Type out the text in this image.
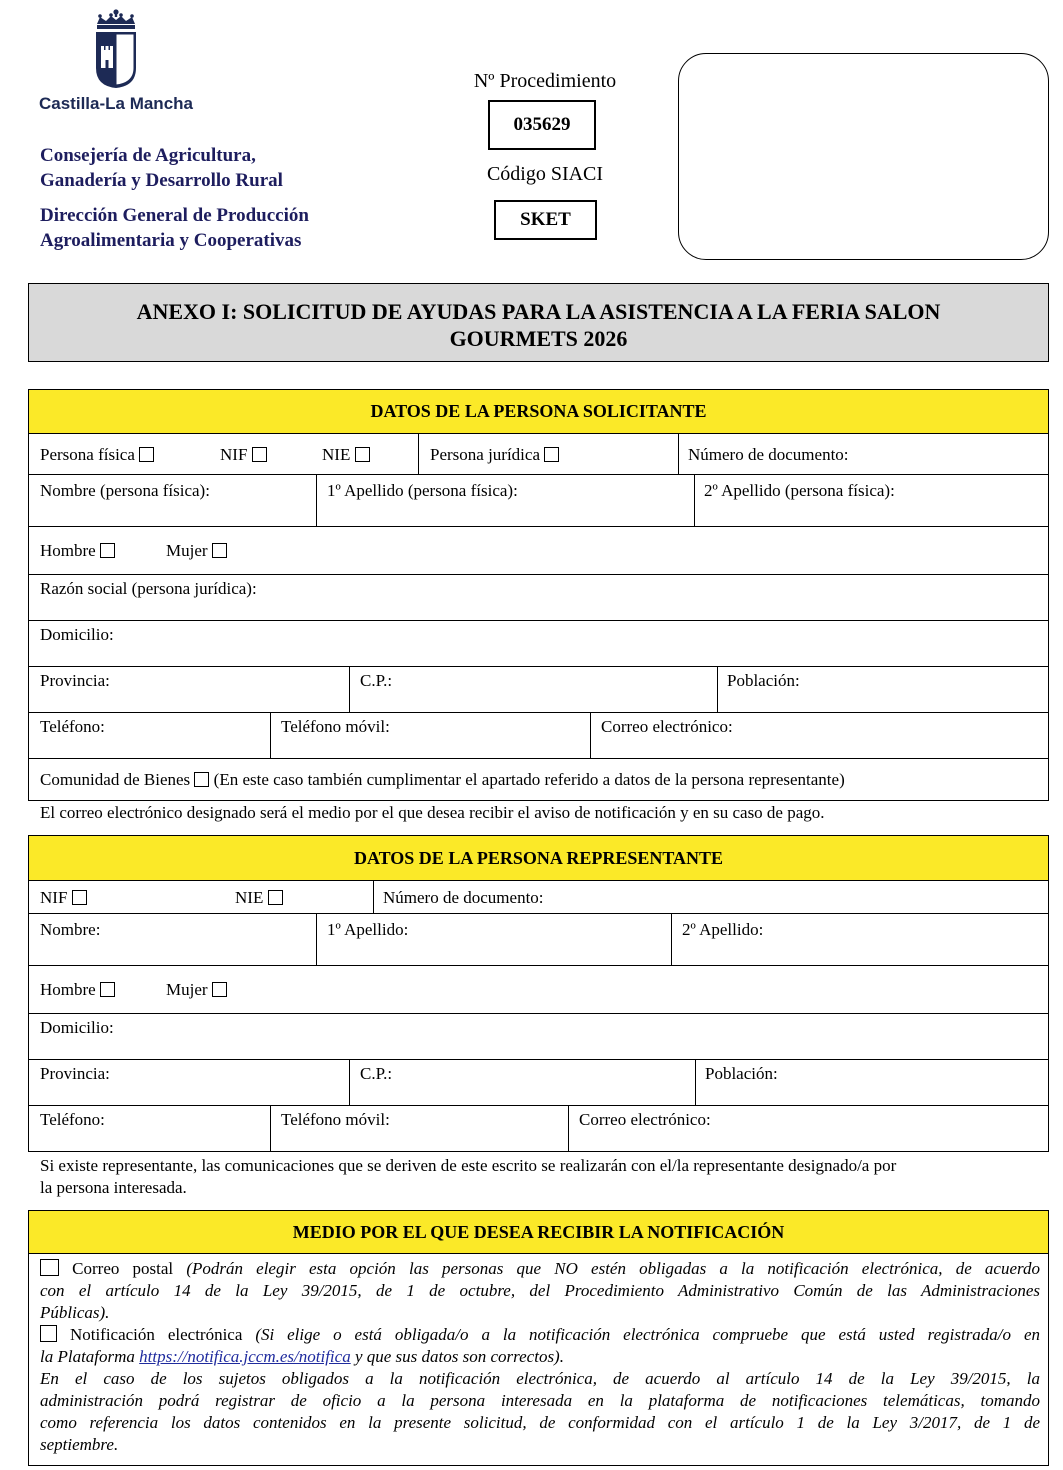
Castilla-La Mancha
Consejería de Agricultura,
Ganadería y Desarrollo Rural
Dirección General de Producción
Agroalimentaria y Cooperativas
Nº Procedimiento
035629
Código SIACI
SKET
ANEXO I: SOLICITUD DE AYUDAS PARA LA ASISTENCIA A LA FERIA SALON
GOURMETS 2026
DATOS DE LA PERSONA SOLICITANTE
Persona física	NIF	NIE	Persona jurídica	Número de documento:
Nombre (persona física):	1º Apellido (persona física):	2º Apellido (persona física):
Hombre	Mujer
Razón social (persona jurídica):
Domicilio:
Provincia:	C.P.:	Población:
Teléfono:	Teléfono móvil:	Correo electrónico:
Comunidad de Bienes (En este caso también cumplimentar el apartado referido a datos de la persona representante)
El correo electrónico designado será el medio por el que desea recibir el aviso de notificación y en su caso de pago.
DATOS DE LA PERSONA REPRESENTANTE
NIF	NIE	Número de documento:
Nombre:	1º Apellido:	2º Apellido:
Hombre	Mujer
Domicilio:
Provincia:	C.P.:	Población:
Teléfono:	Teléfono móvil:	Correo electrónico:
Si existe representante, las comunicaciones que se deriven de este escrito se realizarán con el/la representante designado/a por
la persona interesada.
MEDIO POR EL QUE DESEA RECIBIR LA NOTIFICACIÓN
Correo postal (Podrán elegir esta opción las personas que NO estén obligadas a la notificación electrónica, de acuerdo
con el artículo 14 de la Ley 39/2015, de 1 de octubre, del Procedimiento Administrativo Común de las Administraciones
Públicas).
Notificación electrónica (Si elige o está obligada/o a la notificación electrónica compruebe que está usted registrada/o en
la Plataforma https://notifica.jccm.es/notifica y que sus datos son correctos).
En el caso de los sujetos obligados a la notificación electrónica, de acuerdo al artículo 14 de la Ley 39/2015, la
administración podrá registrar de oficio a la persona interesada en la plataforma de notificaciones telemáticas, tomando
como referencia los datos contenidos en la presente solicitud, de conformidad con el artículo 1 de la Ley 3/2017, de 1 de
septiembre.
